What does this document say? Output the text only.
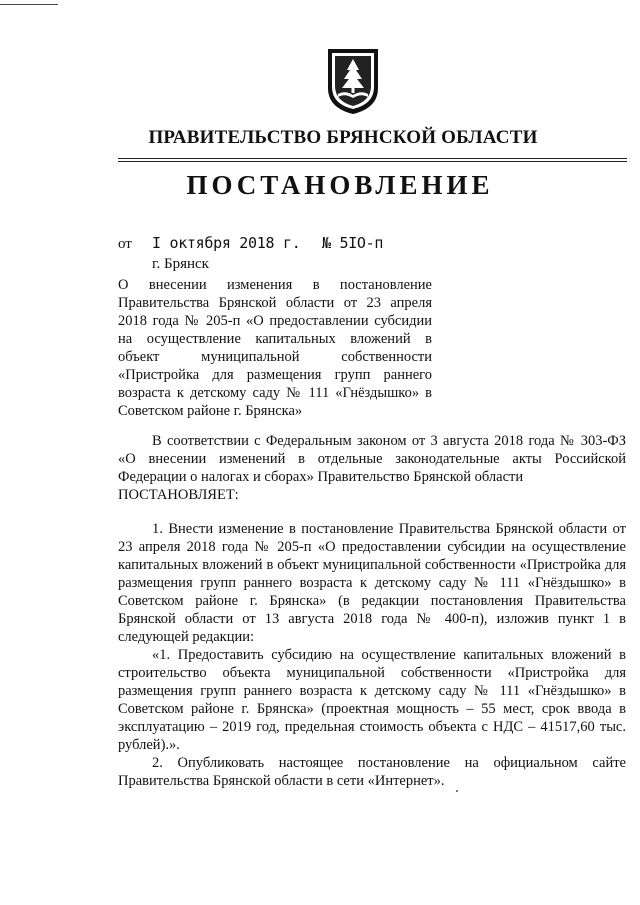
ПРАВИТЕЛЬСТВО БРЯНСКОЙ ОБЛАСТИ
ПОСТАНОВЛЕНИЕ
от I октября 2018 г. № 5IO-п
г. Брянск
О внесении изменения в постановление Правительства Брянской области от 23 апреля 2018 года № 205-п «О предоставлении субсидии на осуществление капитальных вложений в объект муниципальной собственности «Пристройка для размещения групп раннего возраста к детскому саду № 111 «Гнёздышко» в Советском районе г. Брянска»

В соответствии с Федеральным законом от 3 августа 2018 года № 303-ФЗ «О внесении изменений в отдельные законодательные акты Российской Федерации о налогах и сборах» Правительство Брянской области

ПОСТАНОВЛЯЕТ:

1. Внести изменение в постановление Правительства Брянской области от 23 апреля 2018 года № 205-п «О предоставлении субсидии на осуществление капитальных вложений в объект муниципальной собственности «Пристройка для размещения групп раннего возраста к детскому саду № 111 «Гнёздышко» в Советском районе г. Брянска» (в редакции постановления Правительства Брянской области от 13 августа 2018 года № 400-п), изложив пункт 1 в следующей редакции:

«1. Предоставить субсидию на осуществление капитальных вложений в строительство объекта муниципальной собственности «Пристройка для размещения групп раннего возраста к детскому саду № 111 «Гнёздышко» в Советском районе г. Брянска» (проектная мощность – 55 мест, срок ввода в эксплуатацию – 2019 год, предельная стоимость объекта с НДС – 41517,60 тыс. рублей).».

2. Опубликовать настоящее постановление на официальном сайте Правительства Брянской области в сети «Интернет».
